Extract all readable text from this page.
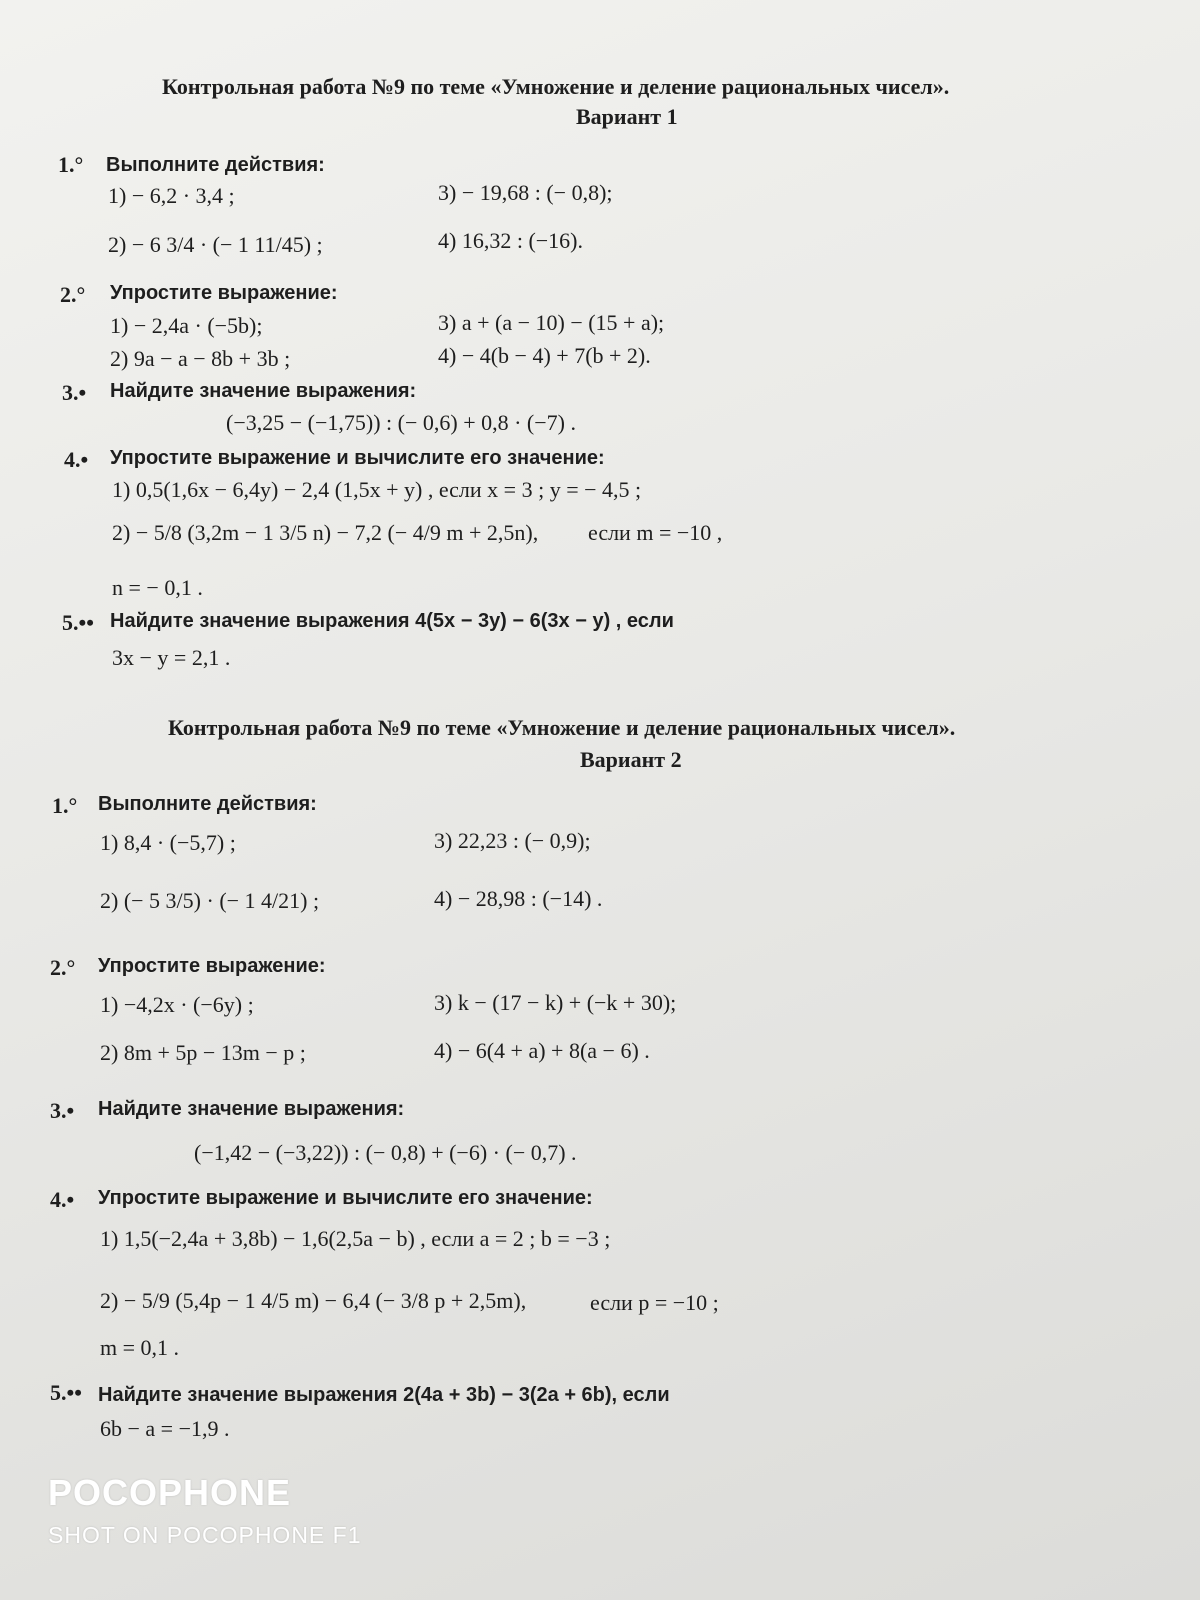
Контрольная работа №9 по теме «Умножение и деление рациональных чисел».
Вариант 1
1.° Выполните действия:
1) − 6,2 · 3,4 ;	3) − 19,68 : (− 0,8);
2) − 6 3/4 · (− 1 11/45) ;	4) 16,32 : (−16).
2.° Упростите выражение:
1) − 2,4a · (−5b);	3) a + (a − 10) − (15 + a);
2) 9a − a − 8b + 3b ;	4) − 4(b − 4) + 7(b + 2).
3.• Найдите значение выражения:
(−3,25 − (−1,75)) : (− 0,6) + 0,8 · (−7) .
4.• Упростите выражение и вычислите его значение:
1) 0,5(1,6x − 6,4y) − 2,4 (1,5x + y) , если x = 3 ; y = − 4,5 ;
2) − 5/8 (3,2m − 1 3/5 n) − 7,2 (− 4/9 m + 2,5n), если m = −10 ,
n = − 0,1 .
5.•• Найдите значение выражения 4(5x − 3y) − 6(3x − y) , если
3x − y = 2,1 .
Контрольная работа №9 по теме «Умножение и деление рациональных чисел».
Вариант 2
1.° Выполните действия:
1) 8,4 · (−5,7) ;	3) 22,23 : (− 0,9);
2) (− 5 3/5) · (− 1 4/21) ;	4) − 28,98 : (−14) .
2.° Упростите выражение:
1) −4,2x · (−6y) ;	3) k − (17 − k) + (−k + 30);
2) 8m + 5p − 13m − p ;	4) − 6(4 + a) + 8(a − 6) .
3.• Найдите значение выражения:
(−1,42 − (−3,22)) : (− 0,8) + (−6) · (− 0,7) .
4.• Упростите выражение и вычислите его значение:
1) 1,5(−2,4a + 3,8b) − 1,6(2,5a − b) , если a = 2 ; b = −3 ;
2) − 5/9 (5,4p − 1 4/5 m) − 6,4 (− 3/8 p + 2,5m),	если p = −10 ;
m = 0,1 .
5.•• Найдите значение выражения 2(4a + 3b) − 3(2a + 6b), если
6b − a = −1,9 .
POCOPHONE
SHOT ON POCOPHONE F1
